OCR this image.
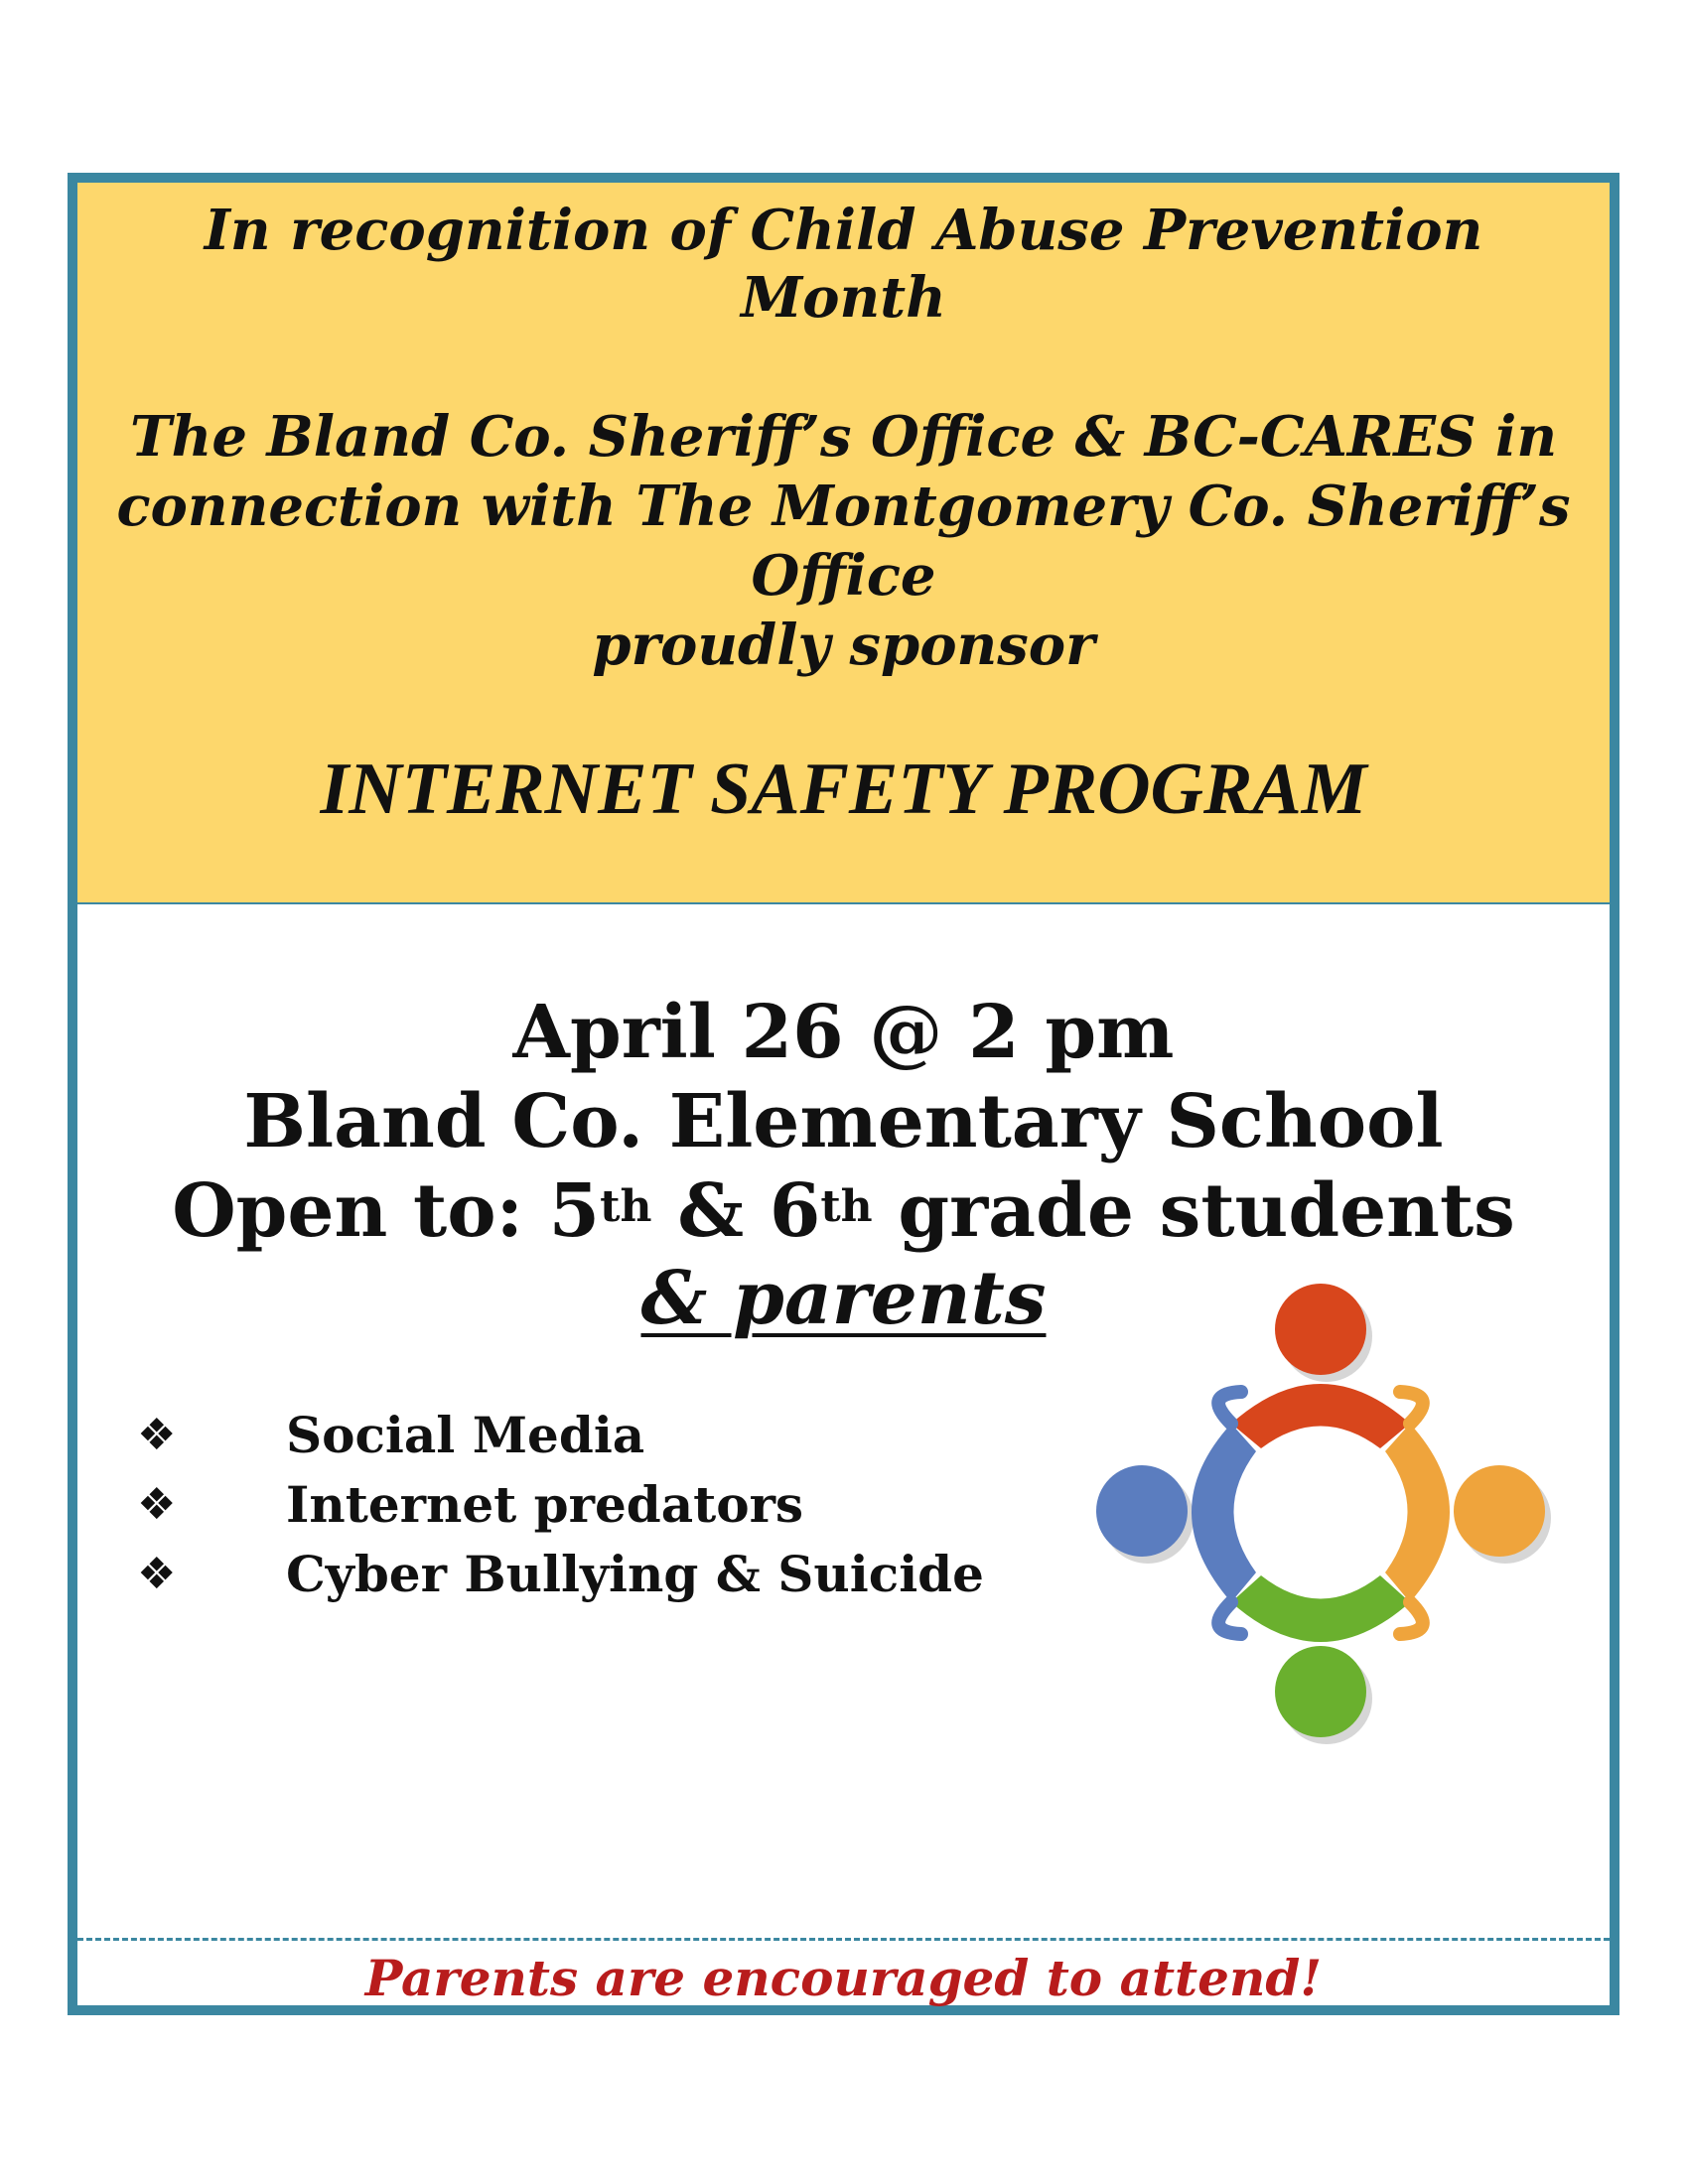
In recognition of Child Abuse Prevention
Month
The Bland Co. Sheriff’s Office & BC-CARES in
connection with The Montgomery Co. Sheriff’s
Office
proudly sponsor
INTERNET SAFETY PROGRAM
April 26 @ 2 pm
Bland Co. Elementary School
Open to: 5th & 6th grade students
& parents
❖ Social Media
❖ Internet predators
❖ Cyber Bullying & Suicide
Parents are encouraged to attend!
